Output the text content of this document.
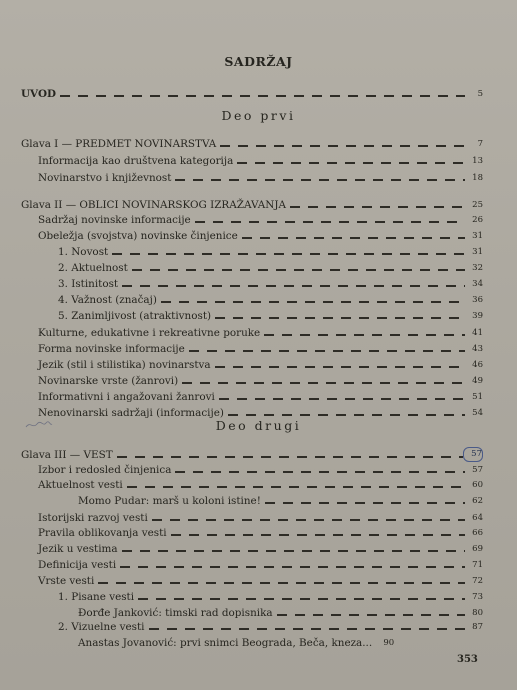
SADRŽAJ
UVOD	5
Deo prvi
Glava I — PREDMET NOVINARSTVA	7
Informacija kao društvena kategorija	13
Novinarstvo i književnost	18
Glava II — OBLICI NOVINARSKOG IZRAŽAVANJA	25
Sadržaj novinske informacije	26
Obeležja (svojstva) novinske činjenice	31
1. Novost	31
2. Aktuelnost	32
3. Istinitost	34
4. Važnost (značaj)	36
5. Zanimljivost (atraktivnost)	39
Kulturne, edukativne i rekreativne poruke	41
Forma novinske informacije	43
Jezik (stil i stilistika) novinarstva	46
Novinarske vrste (žanrovi)	49
Informativni i angažovani žanrovi	51
Nenovinarski sadržaji (informacije)	54
Deo drugi
Glava III — VEST	57
Izbor i redosled činjenica	57
Aktuelnost vesti	60
Momo Pudar: marš u koloni istine!	62
Istorijski razvoj vesti	64
Pravila oblikovanja vesti	66
Jezik u vestima	69
Definicija vesti	71
Vrste vesti	72
1. Pisane vesti	73
Đorđe Janković: timski rad dopisnika	80
2. Vizuelne vesti	87
Anastas Jovanović: prvi snimci Beograda, Beča, kneza...	90
353
